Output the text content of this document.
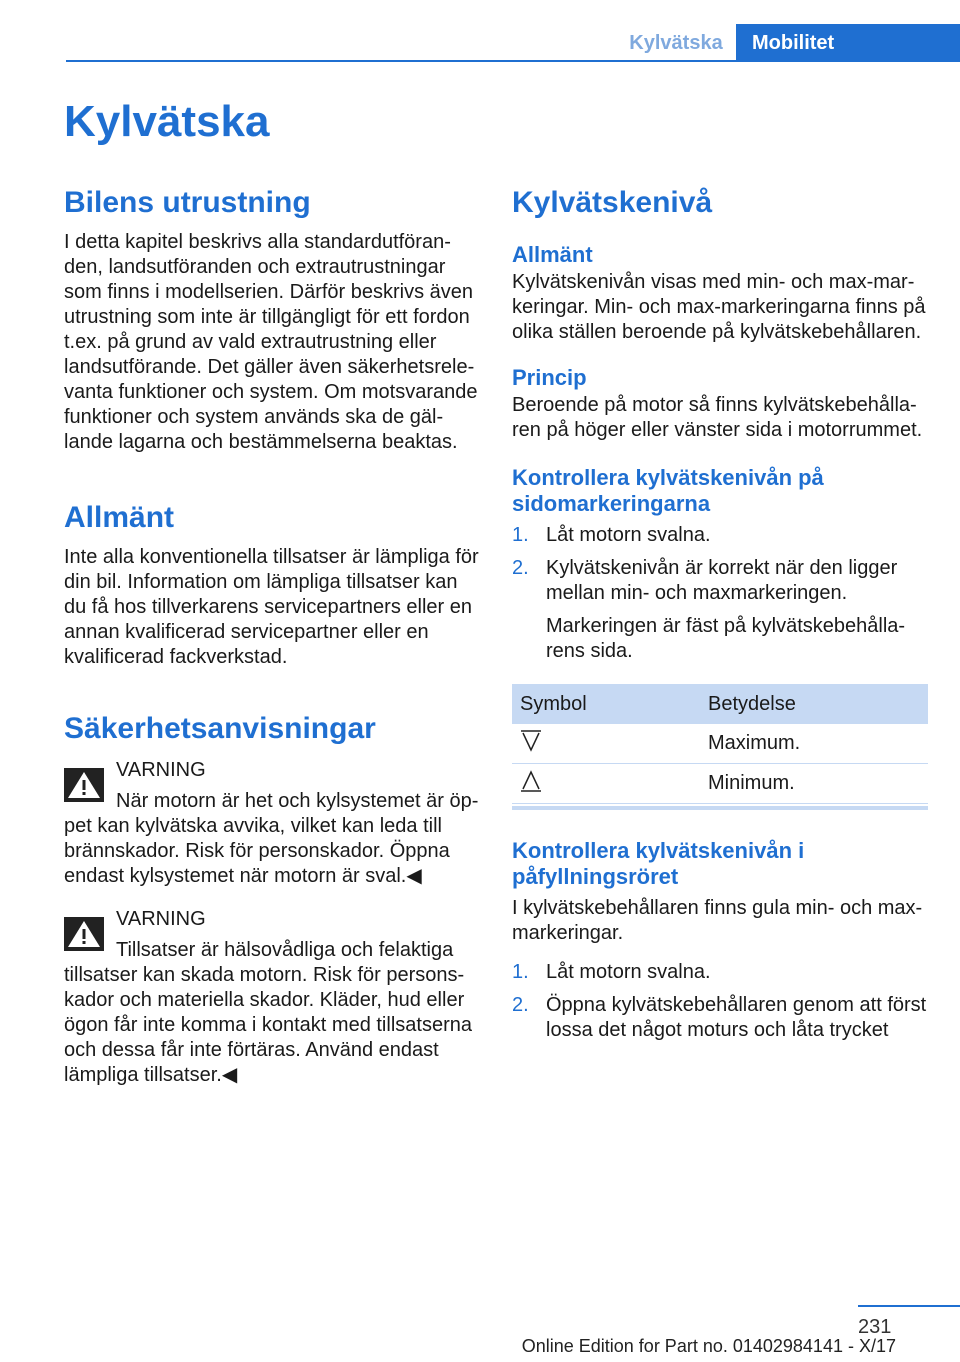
Kylvätska	Mobilitet
Kylvätska
Bilens utrustning

I detta kapitel beskrivs alla standardutföranden, landsutföranden och extrautrustningar som finns i modellserien. Därför beskrivs även utrustning som inte är tillgängligt för ett fordon t.ex. på grund av vald extrautrustning eller landsutförande. Det gäller även säkerhetsrelevanta funktioner och system. Om motsvarande funktioner och system används ska de gällande lagarna och bestämmelserna beaktas.

Allmänt

Inte alla konventionella tillsatser är lämpliga för din bil. Information om lämpliga tillsatser kan du få hos tillverkarens servicepartners eller en annan kvalificerad servicepartner eller en kvalificerad fackverkstad.

Säkerhetsanvisningar
VARNING
När motorn är het och kylsystemet är öppet kan kylvätska avvika, vilket kan leda till brännskador. Risk för personskador. Öppna endast kylsystemet när motorn är sval.◀
VARNING
Tillsatser är hälsovådliga och felaktiga tillsatser kan skada motorn. Risk för personskador och materiella skador. Kläder, hud eller ögon får inte komma i kontakt med tillsatserna och dessa får inte förtäras. Använd endast lämpliga tillsatser.◀
Kylvätskenivå
Allmänt

Kylvätskenivån visas med min- och max-markeringar. Min- och max-markeringarna finns på olika ställen beroende på kylvätskebehållaren.

Princip

Beroende på motor så finns kylvätskebehållaren på höger eller vänster sida i motorrummet.

Kontrollera kylvätskenivån på sidomarkeringarna
1. Låt motorn svalna.
2. Kylvätskenivån är korrekt när den ligger mellan min- och maxmarkeringen.

Markeringen är fäst på kylvätskebehållarens sida.

Symbol	Betydelse
	Maximum.
	Minimum.
Kontrollera kylvätskenivån i påfyllningsröret

I kylvätskebehållaren finns gula min- och maxmarkeringar.

1. Låt motorn svalna.
2. Öppna kylvätskebehållaren genom att först lossa det något moturs och låta trycket
231
Online Edition for Part no. 01402984141 - X/17
